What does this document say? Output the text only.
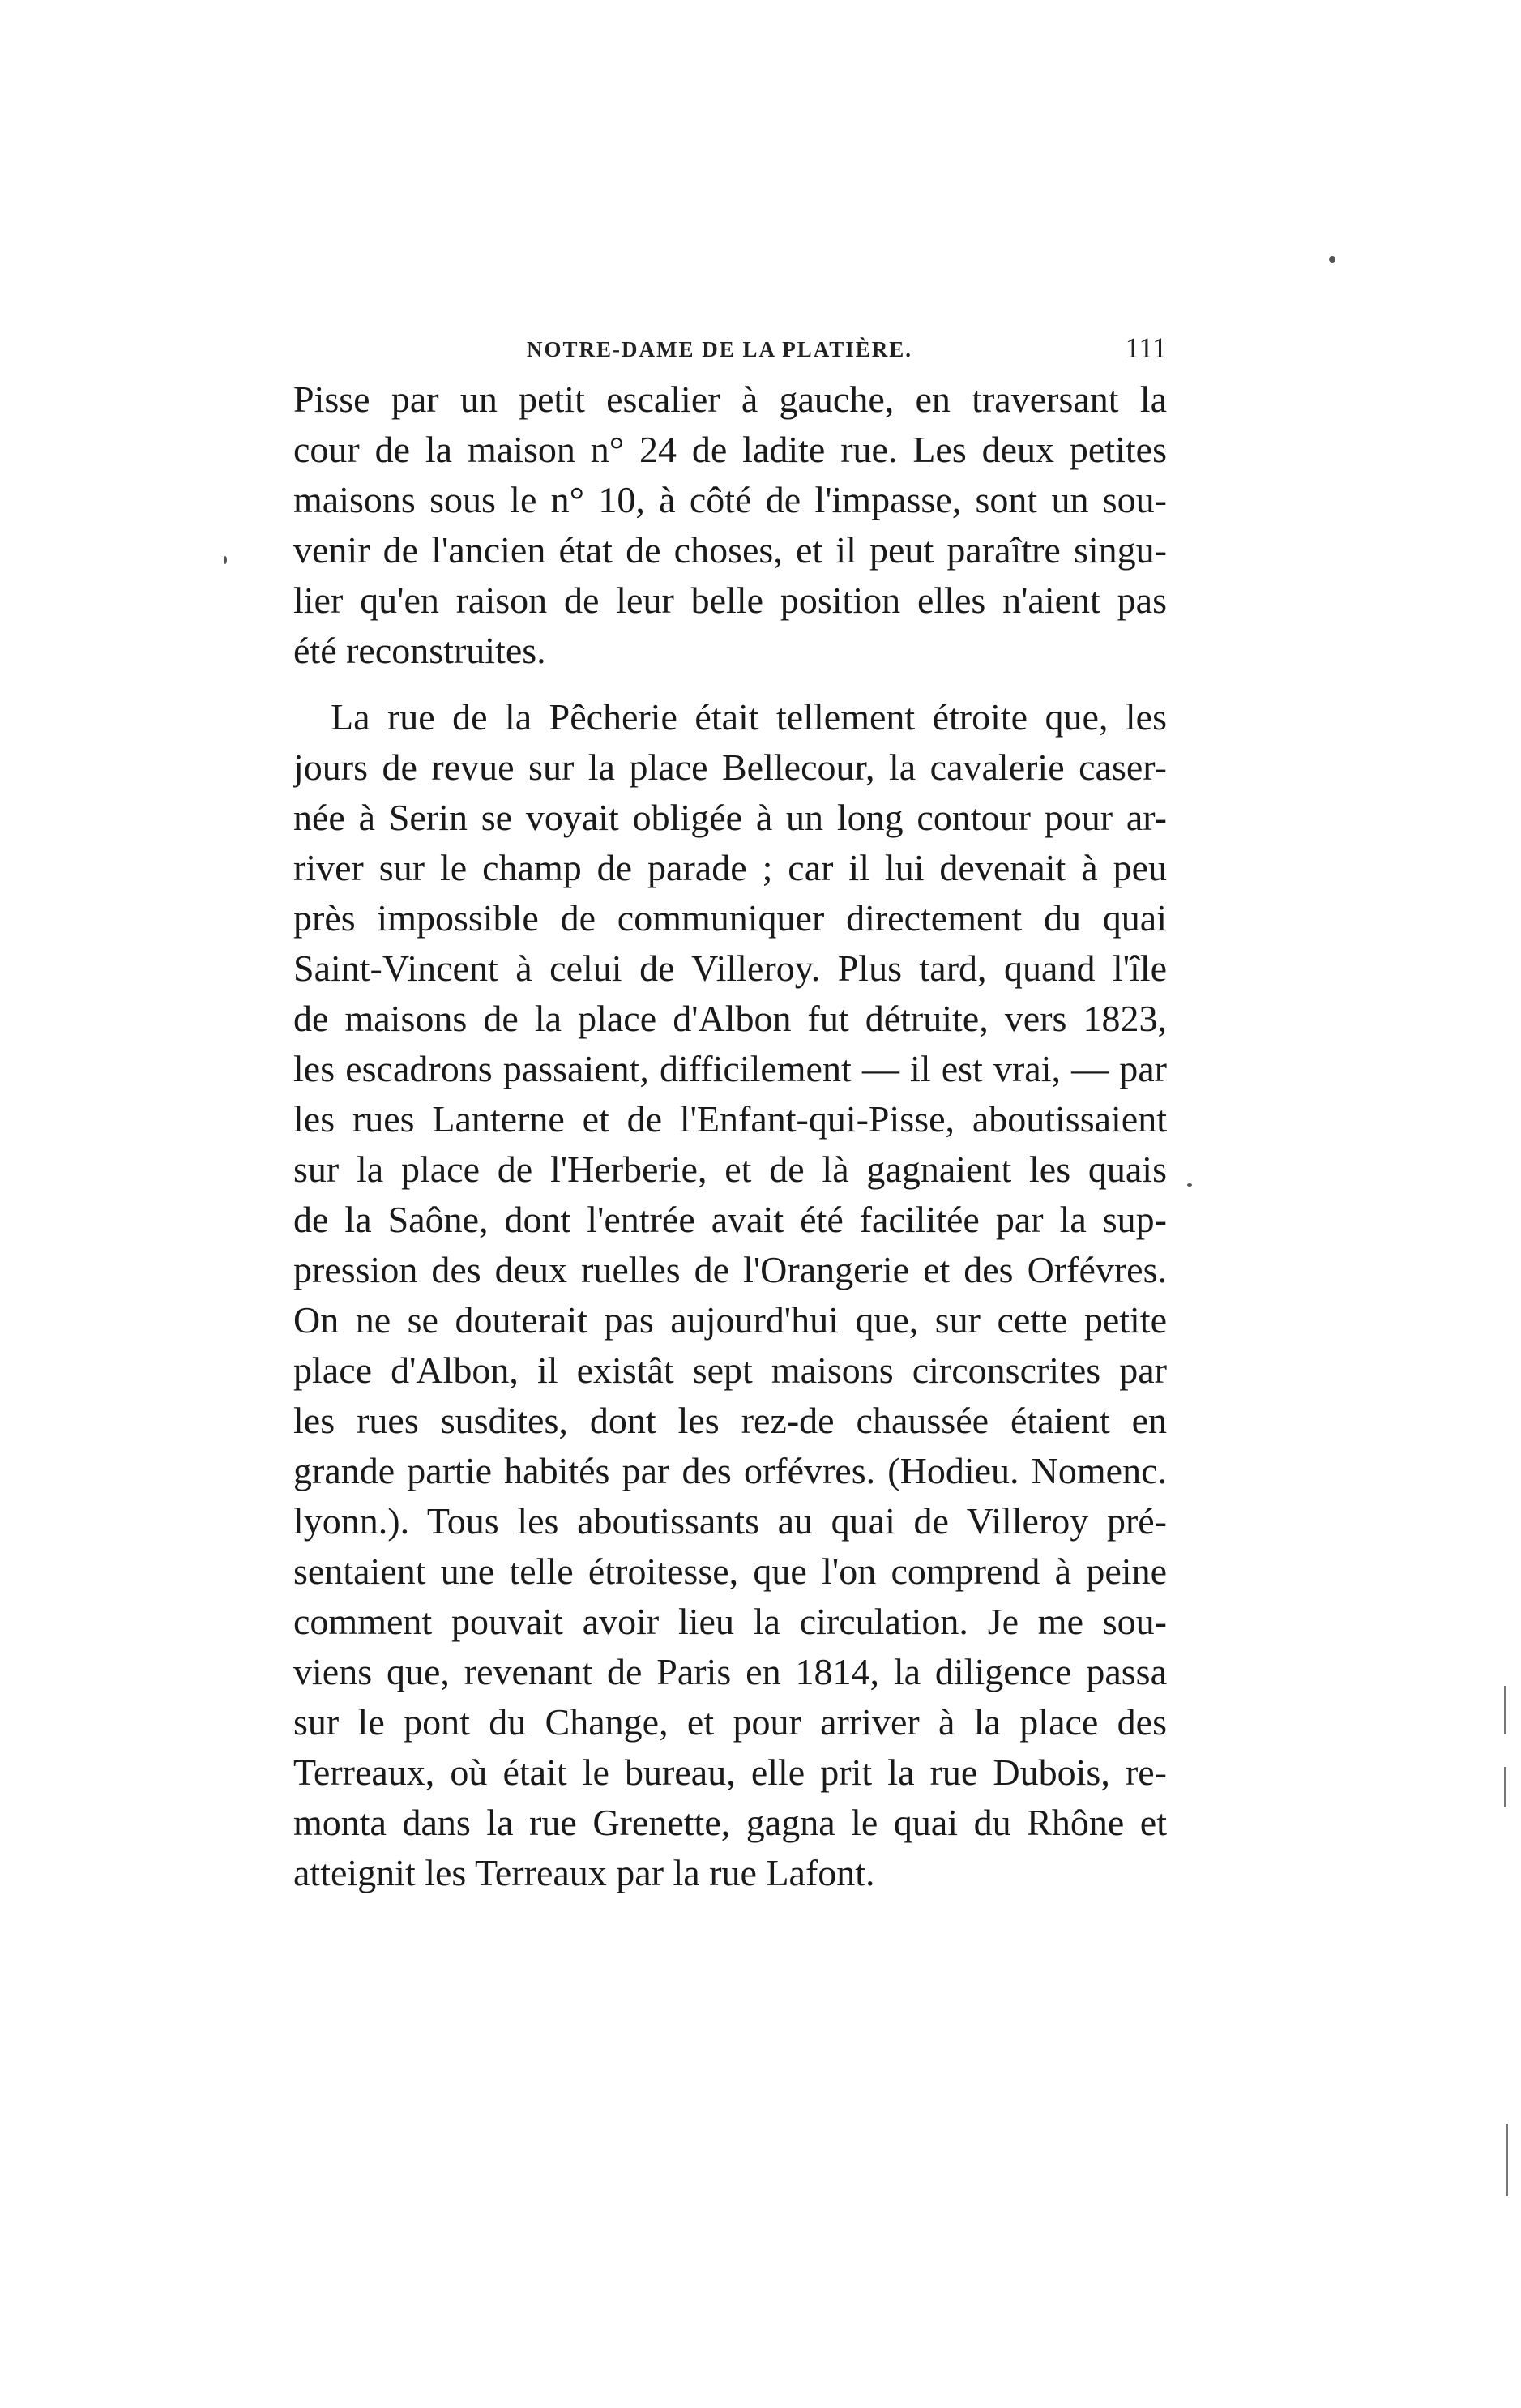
NOTRE-DAME DE LA PLATIÈRE.	111
Pisse par un petit escalier à gauche, en traversant la
cour de la maison n° 24 de ladite rue. Les deux petites
maisons sous le n° 10, à côté de l'impasse, sont un sou-
venir de l'ancien état de choses, et il peut paraître singu-
lier qu'en raison de leur belle position elles n'aient pas
été reconstruites.
La rue de la Pêcherie était tellement étroite que, les
jours de revue sur la place Bellecour, la cavalerie caser-
née à Serin se voyait obligée à un long contour pour ar-
river sur le champ de parade ; car il lui devenait à peu
près impossible de communiquer directement du quai
Saint-Vincent à celui de Villeroy. Plus tard, quand l'île
de maisons de la place d'Albon fut détruite, vers 1823,
les escadrons passaient, difficilement — il est vrai, — par
les rues Lanterne et de l'Enfant-qui-Pisse, aboutissaient
sur la place de l'Herberie, et de là gagnaient les quais
de la Saône, dont l'entrée avait été facilitée par la sup-
pression des deux ruelles de l'Orangerie et des Orfévres.
On ne se douterait pas aujourd'hui que, sur cette petite
place d'Albon, il existât sept maisons circonscrites par
les rues susdites, dont les rez-de chaussée étaient en
grande partie habités par des orfévres. (Hodieu. Nomenc.
lyonn.). Tous les aboutissants au quai de Villeroy pré-
sentaient une telle étroitesse, que l'on comprend à peine
comment pouvait avoir lieu la circulation. Je me sou-
viens que, revenant de Paris en 1814, la diligence passa
sur le pont du Change, et pour arriver à la place des
Terreaux, où était le bureau, elle prit la rue Dubois, re-
monta dans la rue Grenette, gagna le quai du Rhône et
atteignit les Terreaux par la rue Lafont.
